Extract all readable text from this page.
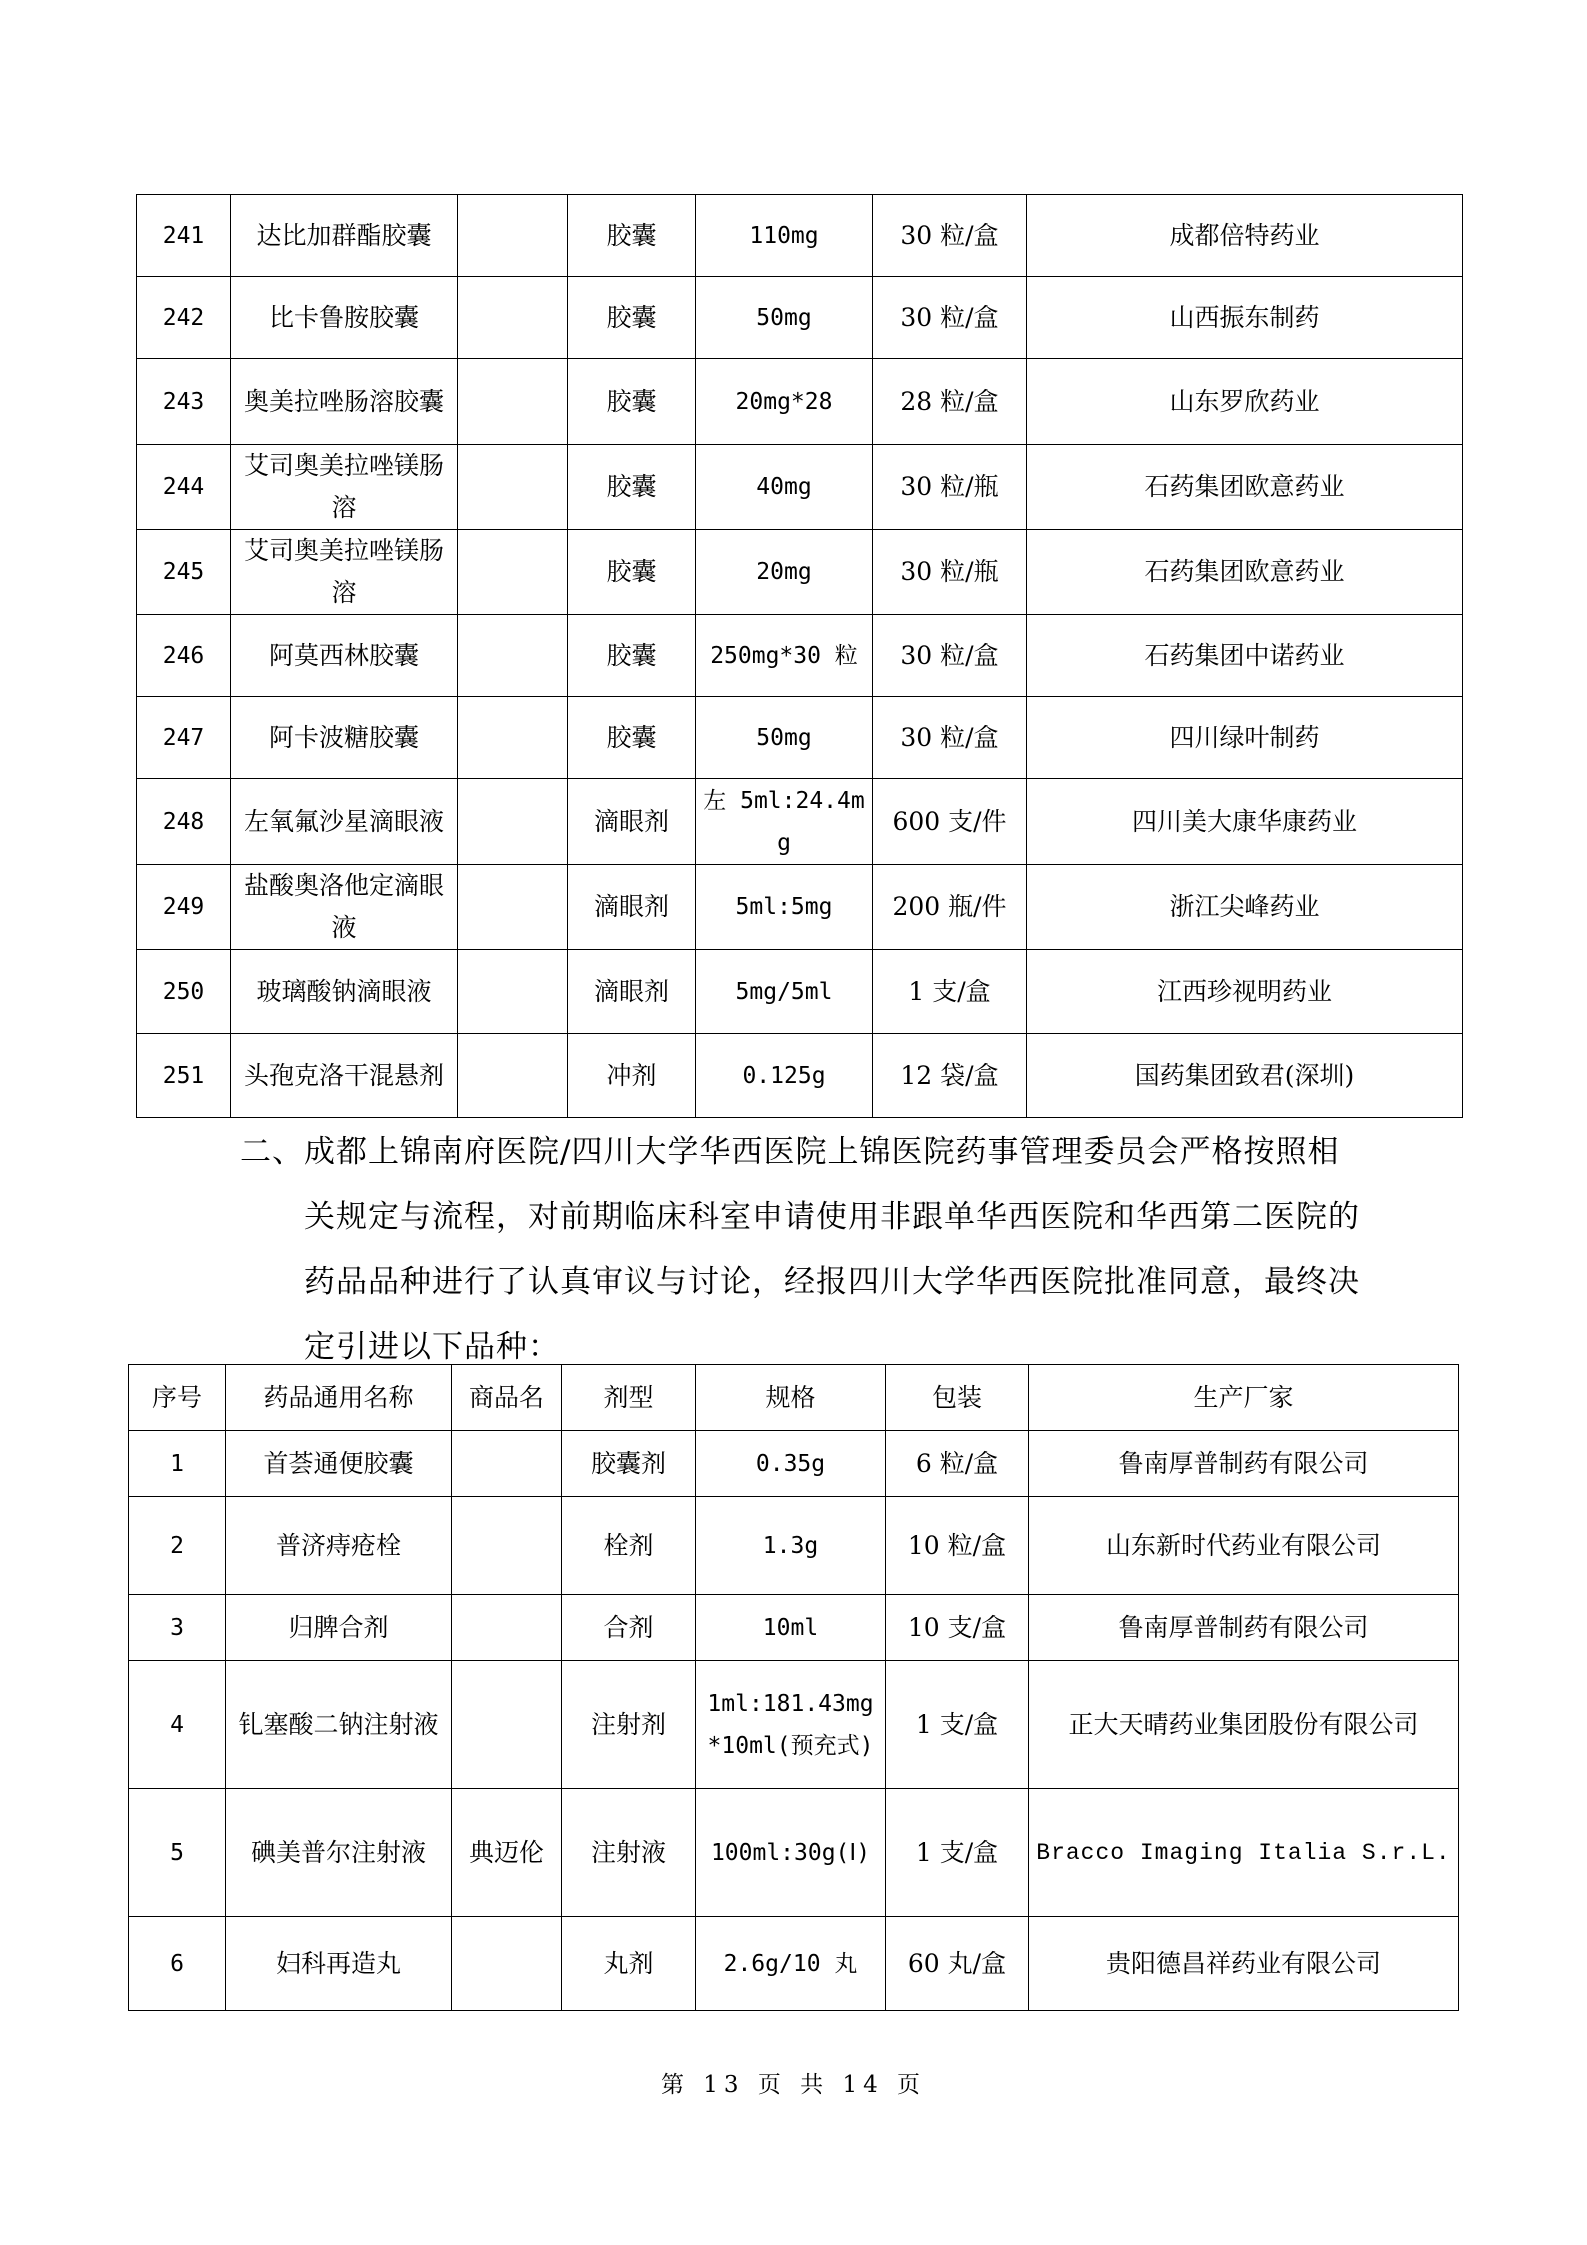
241	达比加群酯胶囊		胶囊	110mg	30 粒/盒	成都倍特药业
242	比卡鲁胺胶囊		胶囊	50mg	30 粒/盒	山西振东制药
243	奥美拉唑肠溶胶囊		胶囊	20mg*28	28 粒/盒	山东罗欣药业
244	艾司奥美拉唑镁肠溶		胶囊	40mg	30 粒/瓶	石药集团欧意药业
245	艾司奥美拉唑镁肠溶		胶囊	20mg	30 粒/瓶	石药集团欧意药业
246	阿莫西林胶囊		胶囊	250mg*30 粒	30 粒/盒	石药集团中诺药业
247	阿卡波糖胶囊		胶囊	50mg	30 粒/盒	四川绿叶制药
248	左氧氟沙星滴眼液		滴眼剂	左 5ml:24.4mg	600 支/件	四川美大康华康药业
249	盐酸奥洛他定滴眼液		滴眼剂	5ml:5mg	200 瓶/件	浙江尖峰药业
250	玻璃酸钠滴眼液		滴眼剂	5mg/5ml	1 支/盒	江西珍视明药业
251	头孢克洛干混悬剂		冲剂	0.125g	12 袋/盒	国药集团致君(深圳)
二、成都上锦南府医院/四川大学华西医院上锦医院药事管理委员会严格按照相
关规定与流程，对前期临床科室申请使用非跟单华西医院和华西第二医院的
药品品种进行了认真审议与讨论，经报四川大学华西医院批准同意，最终决
定引进以下品种：
序号	药品通用名称	商品名	剂型	规格	包装	生产厂家
1	首荟通便胶囊		胶囊剂	0.35g	6 粒/盒	鲁南厚普制药有限公司
2	普济痔疮栓		栓剂	1.3g	10 粒/盒	山东新时代药业有限公司
3	归脾合剂		合剂	10ml	10 支/盒	鲁南厚普制药有限公司
4	钆塞酸二钠注射液		注射剂	1ml:181.43mg *10ml(预充式)	1 支/盒	正大天晴药业集团股份有限公司
5	碘美普尔注射液	典迈伦	注射液	100ml:30g(Ⅰ)	1 支/盒	Bracco Imaging Italia S.r.L.
6	妇科再造丸		丸剂	2.6g/10 丸	60 丸/盒	贵阳德昌祥药业有限公司
第 13 页 共 14 页
